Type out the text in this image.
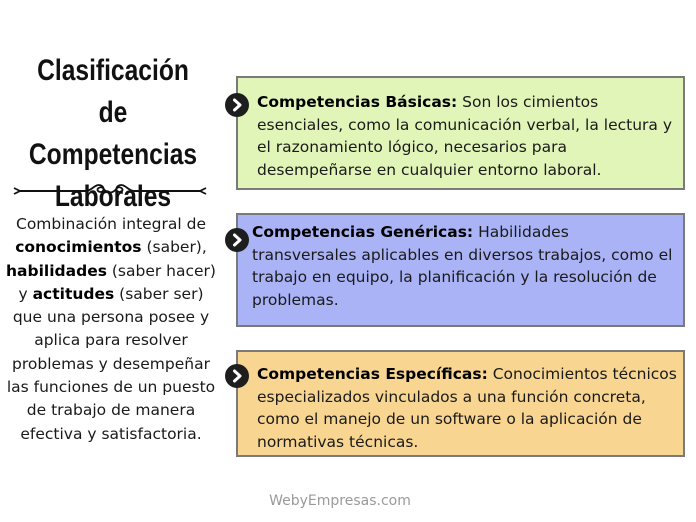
Clasificación de
Competencias
Laborales
Combinación integral de conocimientos (saber), habilidades (saber hacer) y actitudes (saber ser) que una persona posee y aplica para resolver problemas y desempeñar las funciones de un puesto de trabajo de manera efectiva y satisfactoria.
Competencias Básicas: Son los cimientos esenciales, como la comunicación verbal, la lectura y el razonamiento lógico, necesarios para desempeñarse en cualquier entorno laboral.
Competencias Genéricas: Habilidades transversales aplicables en diversos trabajos, como el trabajo en equipo, la planificación y la resolución de problemas.
Competencias Específicas: Conocimientos técnicos especializados vinculados a una función concreta, como el manejo de un software o la aplicación de normativas técnicas.
WebyEmpresas.com
